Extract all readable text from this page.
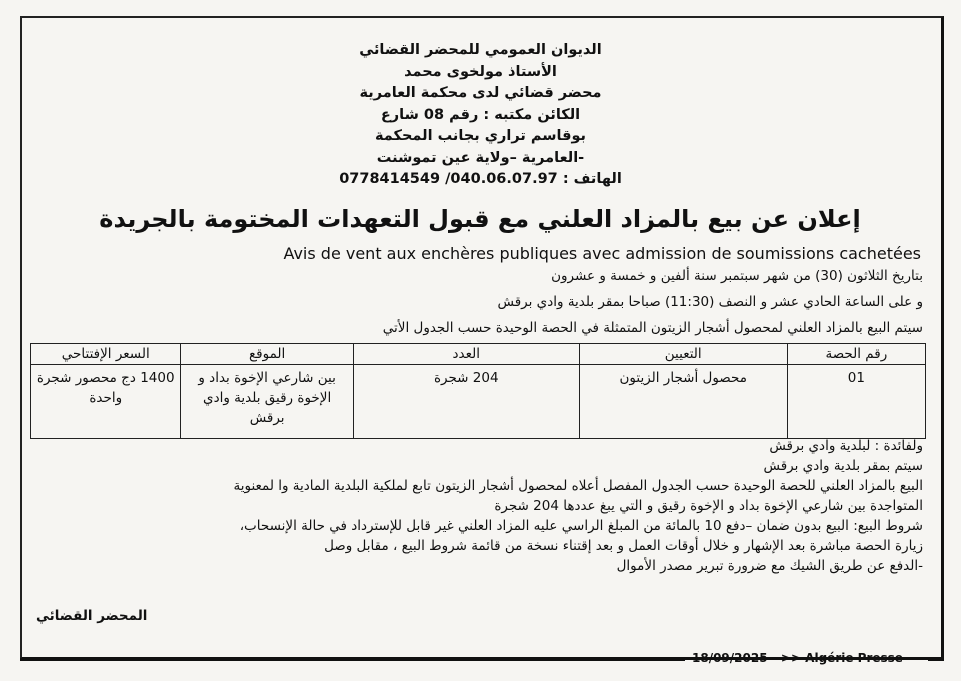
الديوان العمومي للمحضر القضائي
الأستاذ مولخوى محمد
محضر قضائي لدى محكمة العامرية
الكائن مكتبه : رقم 08 شارع
بوقاسم تراري بجانب المحكمة
-العامرية –ولاية عين تموشنت
الهاتف : 0778414549 /040.06.07.97
إعلان عن بيع بالمزاد العلني مع قبول التعهدات المختومة بالجريدة
Avis de vent aux enchères publiques avec admission de soumissions cachetées
بتاريخ الثلاثون (30) من شهر سبتمبر سنة ألفين و خمسة و عشرون
و على الساعة الحادي عشر و النصف (11:30) صباحا بمقر بلدية وادي برقش
سيتم البيع بالمزاد العلني لمحصول أشجار الزيتون المتمثلة في الحصة الوحيدة حسب الجدول الأتي
رقم الحصة	التعيين	العدد	الموقع	السعر الإفتتاحي
01	محصول أشجار الزيتون	204 شجرة	بين شارعي الإخوة بداد و الإخوة رقيق بلدية وادي برقش	1400 دج محصور شجرة واحدة
ولفائدة : لبلدية وادي برقش
سيتم بمقر بلدية وادي برقش
البيع بالمزاد العلني للحصة الوحيدة حسب الجدول المفصل أعلاه لمحصول أشجار الزيتون تابع لملكية البلدية المادية وا لمعنوية
المتواجدة بين شارعي الإخوة بداد و الإخوة رقيق و التي يبغ عددها 204 شجرة
شروط البيع: البيع بدون ضمان –دفع 10 بالمائة من المبلغ الراسي عليه المزاد العلني غير قابل للإسترداد في حالة الإنسحاب،
زيارة الحصة مباشرة بعد الإشهار و خلال أوقات العمل و بعد إقتناء نسخة من قائمة شروط البيع ، مقابل وصل
-الدفع عن طريق الشيك مع ضرورة تبرير مصدر الأموال
المحضر القضائي
18/09/2025 - >> Algérie Presse
